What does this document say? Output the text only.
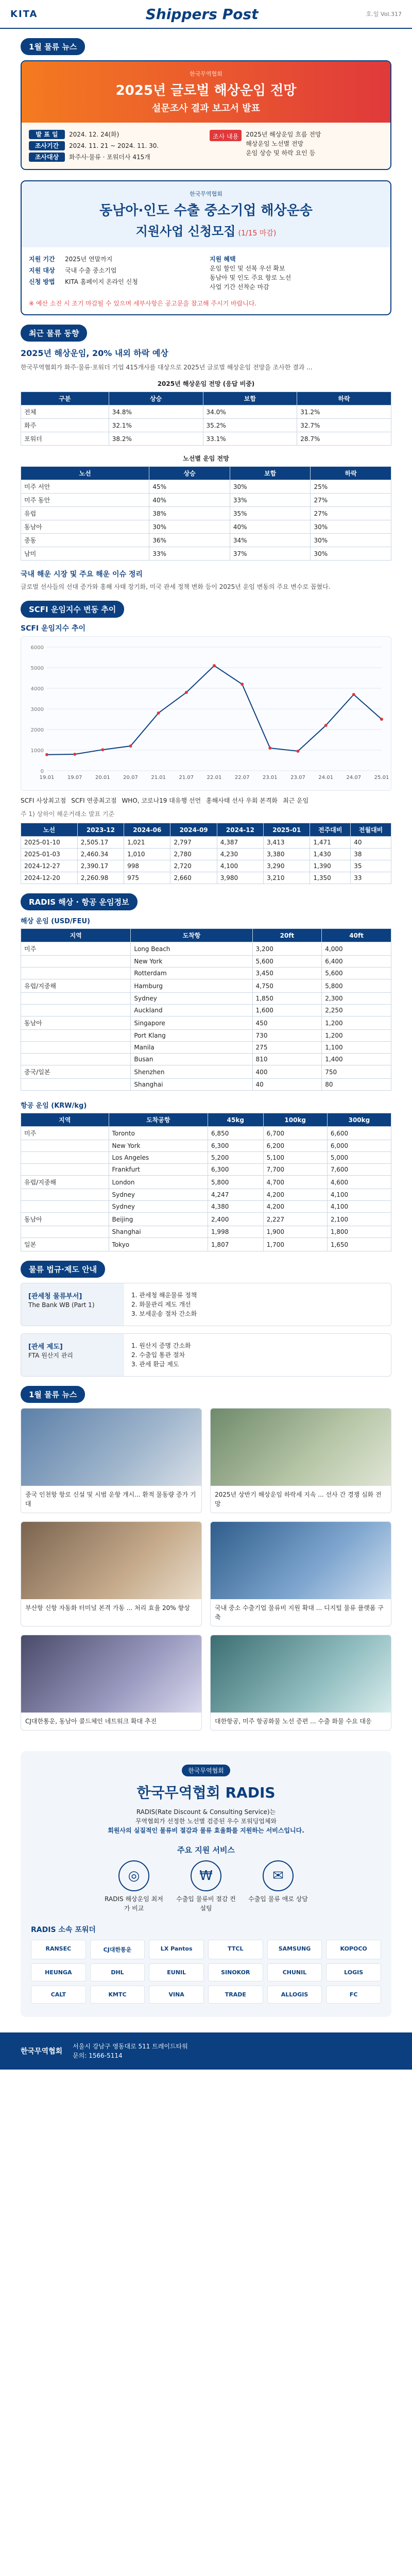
KITA	Shippers Post	호.일 Vol.317
1월 물류 뉴스
한국무역협회
2025년 글로벌 해상운임 전망
설문조사 결과 보고서 발표
발 표 일	2024. 12. 24(화)
조사기간	2024. 11. 21 ~ 2024. 11. 30.
조사대상	화주사·물류 · 포워더사 415개
조사 내용	2025년 해상운임 흐름 전망
해상운임 노선별 전망
운임 상승 및 하락 요인 등
한국무역협회
동남아·인도 수출 중소기업 해상운송
지원사업 신청모집 (1/15 마감)
지원 기간	2025년 연말까지
지원 대상	국내 수출 중소기업
신청 방법	KITA 홈페이지 온라인 신청
지원 혜택
운임 할인 및 선복 우선 확보
동남아 및 인도 주요 항로 노선
사업 기간 선착순 마감
※ 예산 소진 시 조기 마감될 수 있으며 세부사항은 공고문을 참고해 주시기 바랍니다.
최근 물류 동향
2025년 해상운임, 20% 내외 하락 예상
한국무역협회가 화주·물류·포워더 기업 415개사를 대상으로 2025년 글로벌 해상운임 전망을 조사한 결과 ...
2025년 해상운임 전망 (응답 비중)
구분	상승	보합	하락
전체	34.8%	34.0%	31.2%
화주	32.1%	35.2%	32.7%
포워더	38.2%	33.1%	28.7%
노선별 운임 전망
노선	상승	보합	하락
미주 서안	45%	30%	25%
미주 동안	40%	33%	27%
유럽	38%	35%	27%
동남아	30%	40%	30%
중동	36%	34%	30%
남미	33%	37%	30%
국내 해운 시장 및 주요 해운 이슈 정리
글로벌 선사들의 선대 증가와 홍해 사태 장기화, 미국 관세 정책 변화 등이 2025년 운임 변동의 주요 변수로 꼽혔다.
SCFI 운임지수 변동 추이
SCFI 운임지수 추이
0
1000
2000
3000
4000
5000
6000
19.01	19.07	20.01	20.07	21.01	21.07	22.01	22.07	23.01	23.07	24.01	24.07	25.01
SCFI 사상최고점 SCFI 연중최고점 WHO, 코로나19 대유행 선언 홍해사태 선사 우회 본격화 최근 운임
주 1) 상하이 해운거래소 발표 기준
노선	2023-12	2024-06	2024-09	2024-12	2025-01	전주대비	전월대비
2025-01-10	2,505.17	1,021	2,797	4,387	3,413	1,471	40
2025-01-03	2,460.34	1,010	2,780	4,230	3,380	1,430	38
2024-12-27	2,390.17	998	2,720	4,100	3,290	1,390	35
2024-12-20	2,260.98	975	2,660	3,980	3,210	1,350	33
RADIS 해상 · 항공 운임정보
해상 운임 (USD/FEU)
지역	도착항	20ft	40ft
미주	Long Beach	3,200	4,000
	New York	5,600	6,400
	Rotterdam	3,450	5,600
유럽/지중해	Hamburg	4,750	5,800
	Sydney	1,850	2,300
	Auckland	1,600	2,250
동남아	Singapore	450	1,200
	Port Klang	730	1,200
	Manila	275	1,100
	Busan	810	1,400
중국/일본	Shenzhen	400	750
	Shanghai	40	80
항공 운임 (KRW/kg)
지역	도착공항	45kg	100kg	300kg
미주	Toronto	6,850	6,700	6,600
	New York	6,300	6,200	6,000
	Los Angeles	5,200	5,100	5,000
	Frankfurt	6,300	7,700	7,600
유럽/지중해	London	5,800	4,700	4,600
	Sydney	4,247	4,200	4,100
	Sydney	4,380	4,200	4,100
동남아	Beijing	2,400	2,227	2,100
	Shanghai	1,998	1,900	1,800
일본	Tokyo	1,807	1,700	1,650
물류 법규·제도 안내
[관세청 물류부서]
The Bank WB (Part 1)
1. 관세청 해운물류 정책
2. 화물관리 제도 개선
3. 보세운송 절차 간소화
[관세 제도]
FTA 원산지 관리
1. 원산지 증명 간소화
2. 수출입 통관 절차
3. 관세 환급 제도
1월 물류 뉴스
중국 인천항 항로 신설 및 시범 운항 개시... 환적 물동량 증가 기대
2025년 상반기 해상운임 하락세 지속 ... 선사 간 경쟁 심화 전망
부산항 신항 자동화 터미널 본격 가동 ... 처리 효율 20% 향상	국내 중소 수출기업 물류비 지원 확대 ... 디지털 물류 플랫폼 구축
CJ대한통운, 동남아 콜드체인 네트워크 확대 추진	대한항공, 미주 항공화물 노선 증편 ... 수출 화물 수요 대응
한국무역협회
한국무역협회 RADIS
RADIS(Rate Discount & Consulting Service)는
무역협회가 선정한 노선별 검증된 우수 포워딩업체와
회원사의 실질적인 물류비 절감과 물류 효율화를 지원하는 서비스입니다.
주요 지원 서비스
◎
RADIS 해상운임 최저가 비교
₩
수출입 물류비 절감 컨설팅
✉
수출입 물류 애로 상담
RADIS 소속 포워더
RANSEC	CJ대한통운	LX Pantos	TTCL	SAMSUNG	KOPOCO
HEUNGA	DHL	EUNIL	SINOKOR	CHUNIL	LOGIS
CALT	KMTC	VINA	TRADE	ALLOGIS	FC
한국무역협회
서울시 강남구 영동대로 511 트레이드타워
문의: 1566-5114
